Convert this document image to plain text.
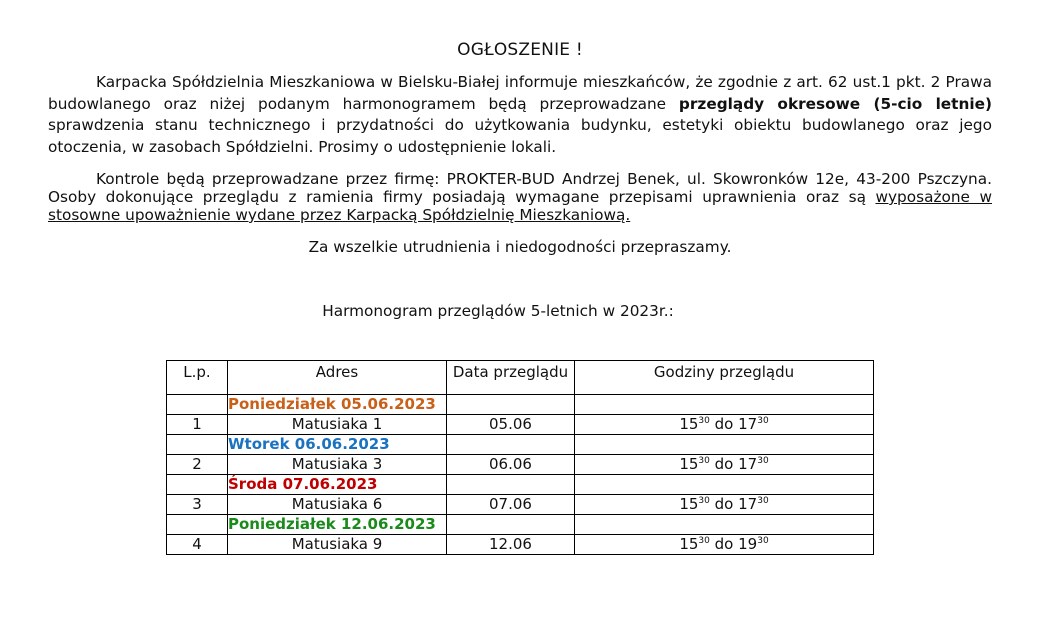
OGŁOSZENIE !

Karpacka Spółdzielnia Mieszkaniowa w Bielsku-Białej informuje mieszkańców, że zgodnie z art. 62 ust.1 pkt. 2 Prawa budowlanego oraz niżej podanym harmonogramem będą przeprowadzane przeglądy okresowe (5-cio letnie) sprawdzenia stanu technicznego i przydatności do użytkowania budynku, estetyki obiektu budowlanego oraz jego otoczenia, w zasobach Spółdzielni. Prosimy o udostępnienie lokali.

Kontrole będą przeprowadzane przez firmę: PROKTER-BUD Andrzej Benek, ul. Skowronków 12e, 43-200 Pszczyna. Osoby dokonujące przeglądu z ramienia firmy posiadają wymagane przepisami uprawnienia oraz są wyposażone w stosowne upoważnienie wydane przez Karpacką Spółdzielnię Mieszkaniową.

Za wszelkie utrudnienia i niedogodności przepraszamy.

Harmonogram przeglądów 5-letnich w 2023r.:

L.p.	Adres	Data przeglądu	Godziny przeglądu
	Poniedziałek 05.06.2023		
1	Matusiaka 1	05.06	$15^{30}$ do $17^{30}$
	Wtorek 06.06.2023		
2	Matusiaka 3	06.06	$15^{30}$ do $17^{30}$
	Środa 07.06.2023		
3	Matusiaka 6	07.06	$15^{30}$ do $17^{30}$
	Poniedziałek 12.06.2023		
4	Matusiaka 9	12.06	$15^{30}$ do $19^{30}$
